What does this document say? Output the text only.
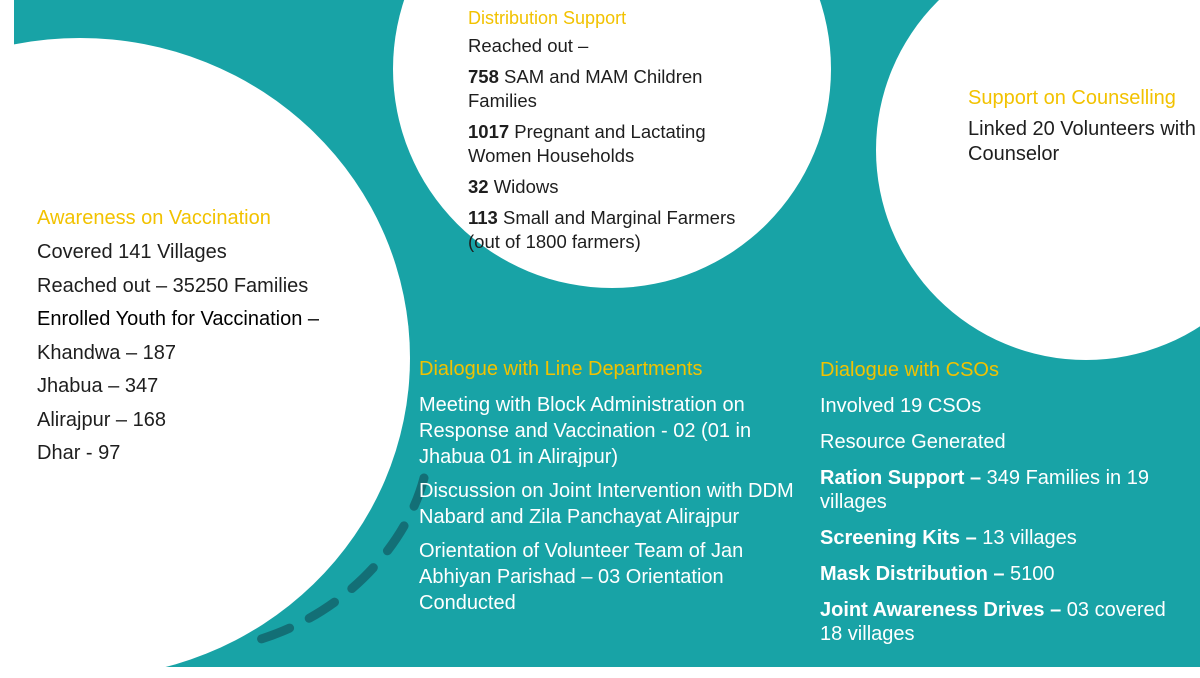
Distribution Support
Reached out –
758 SAM and MAM Children Families
1017 Pregnant and Lactating Women Households
32 Widows
113 Small and Marginal Farmers (out of 1800 farmers)
Support on Counselling
Linked 20 Volunteers with Counselor
Awareness on Vaccination
Covered 141 Villages
Reached out – 35250 Families
Enrolled Youth for Vaccination –
Khandwa – 187
Jhabua – 347
Alirajpur – 168
Dhar - 97
Dialogue with Line Departments
Meeting with Block Administration on Response and Vaccination - 02 (01 in Jhabua 01 in Alirajpur)
Discussion on Joint Intervention with DDM Nabard and Zila Panchayat Alirajpur
Orientation of Volunteer Team of Jan Abhiyan Parishad – 03 Orientation Conducted
Dialogue with CSOs
Involved 19 CSOs
Resource Generated
Ration Support – 349 Families in 19 villages
Screening Kits – 13 villages
Mask Distribution – 5100
Joint Awareness Drives – 03 covered 18 villages
